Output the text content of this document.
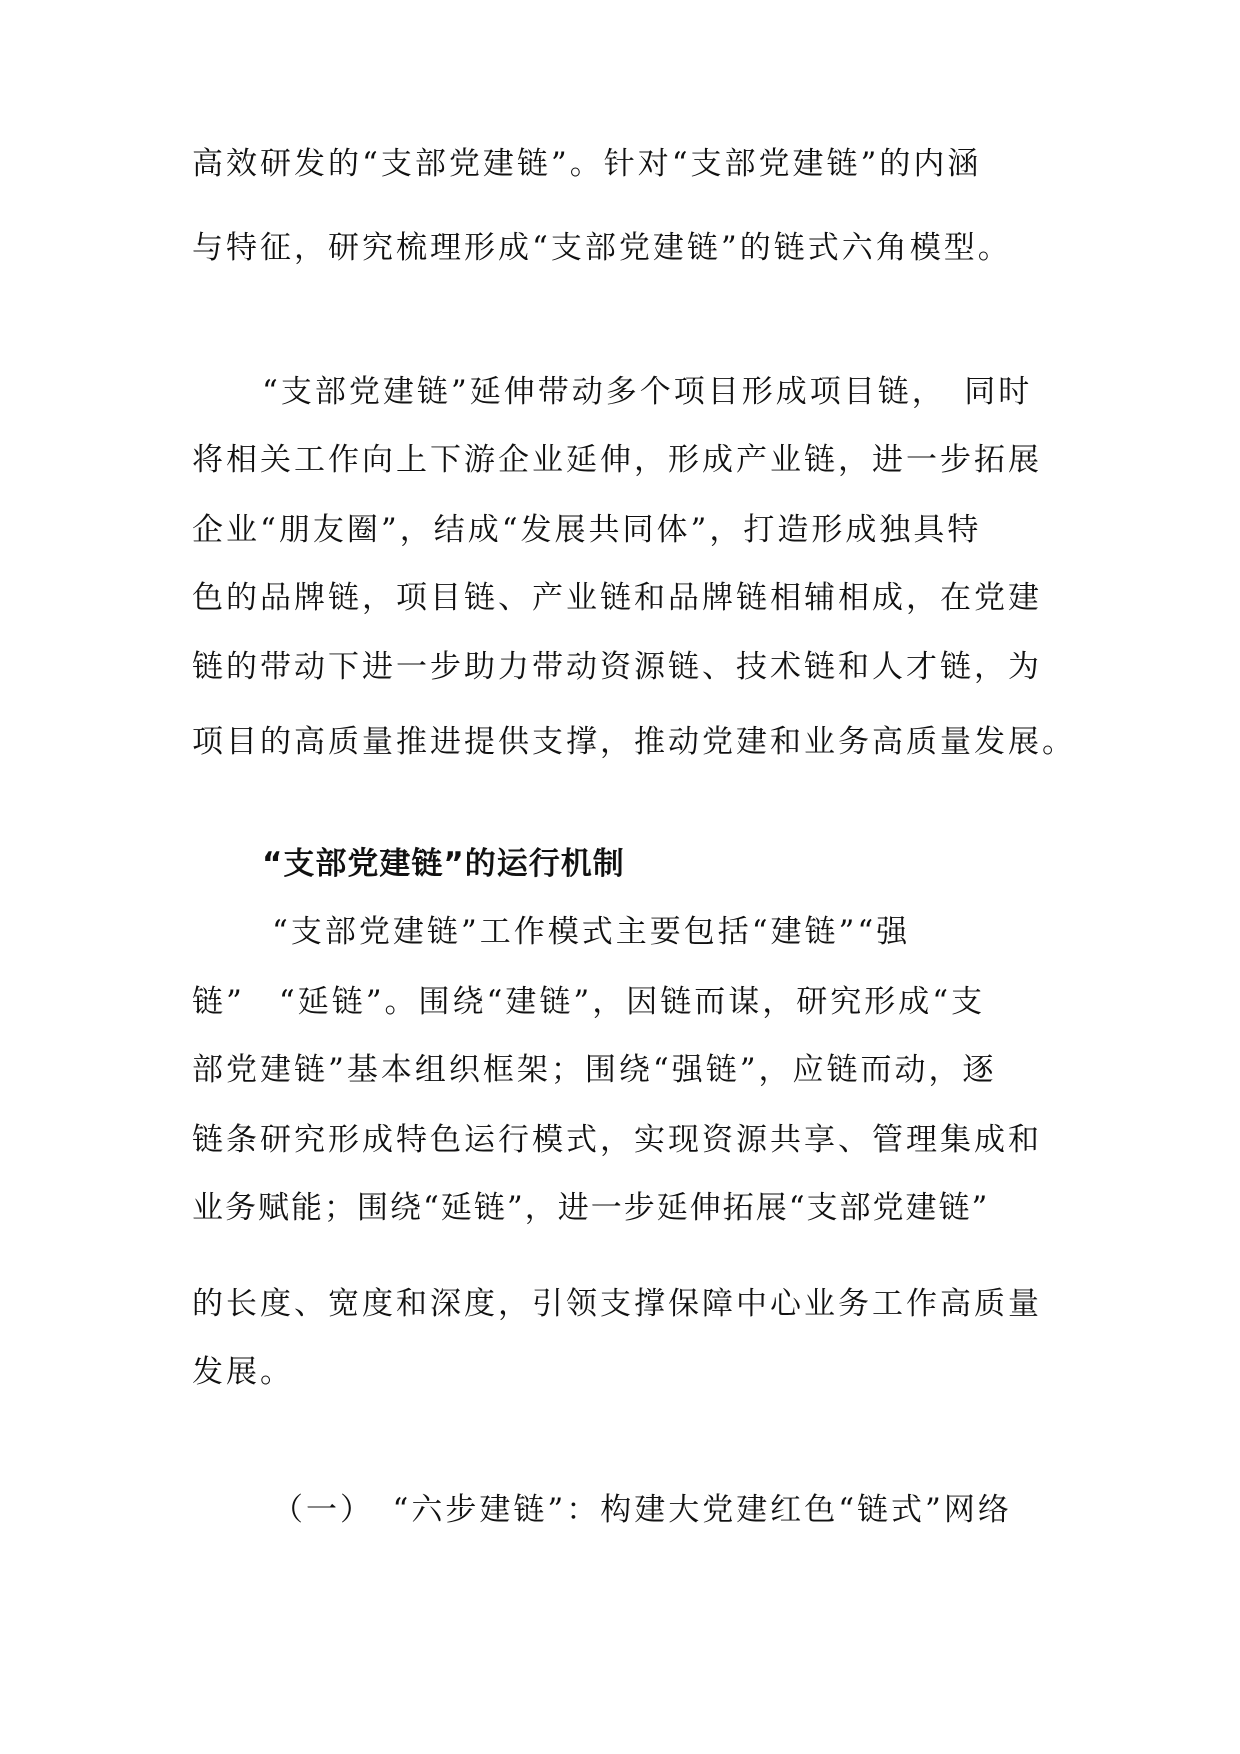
高效研发的“支部党建链”。针对“支部党建链”的内涵
与特征，研究梳理形成“支部党建链”的链式六角模型。
“支部党建链”延伸带动多个项目形成项目链，　同时
将相关工作向上下游企业延伸，形成产业链，进一步拓展
企业“朋友圈”，结成“发展共同体”，打造形成独具特
色的品牌链，项目链、产业链和品牌链相辅相成，在党建
链的带动下进一步助力带动资源链、技术链和人才链，为
项目的高质量推进提供支撑，推动党建和业务高质量发展。
“支部党建链”的运行机制
“支部党建链”工作模式主要包括“建链”“强
链”　“延链”。围绕“建链”，因链而谋，研究形成“支
部党建链”基本组织框架；围绕“强链”，应链而动，逐
链条研究形成特色运行模式，实现资源共享、管理集成和
业务赋能；围绕“延链”，进一步延伸拓展“支部党建链”
的长度、宽度和深度，引领支撑保障中心业务工作高质量
发展。
（一）　“六步建链”：构建大党建红色“链式”网络
